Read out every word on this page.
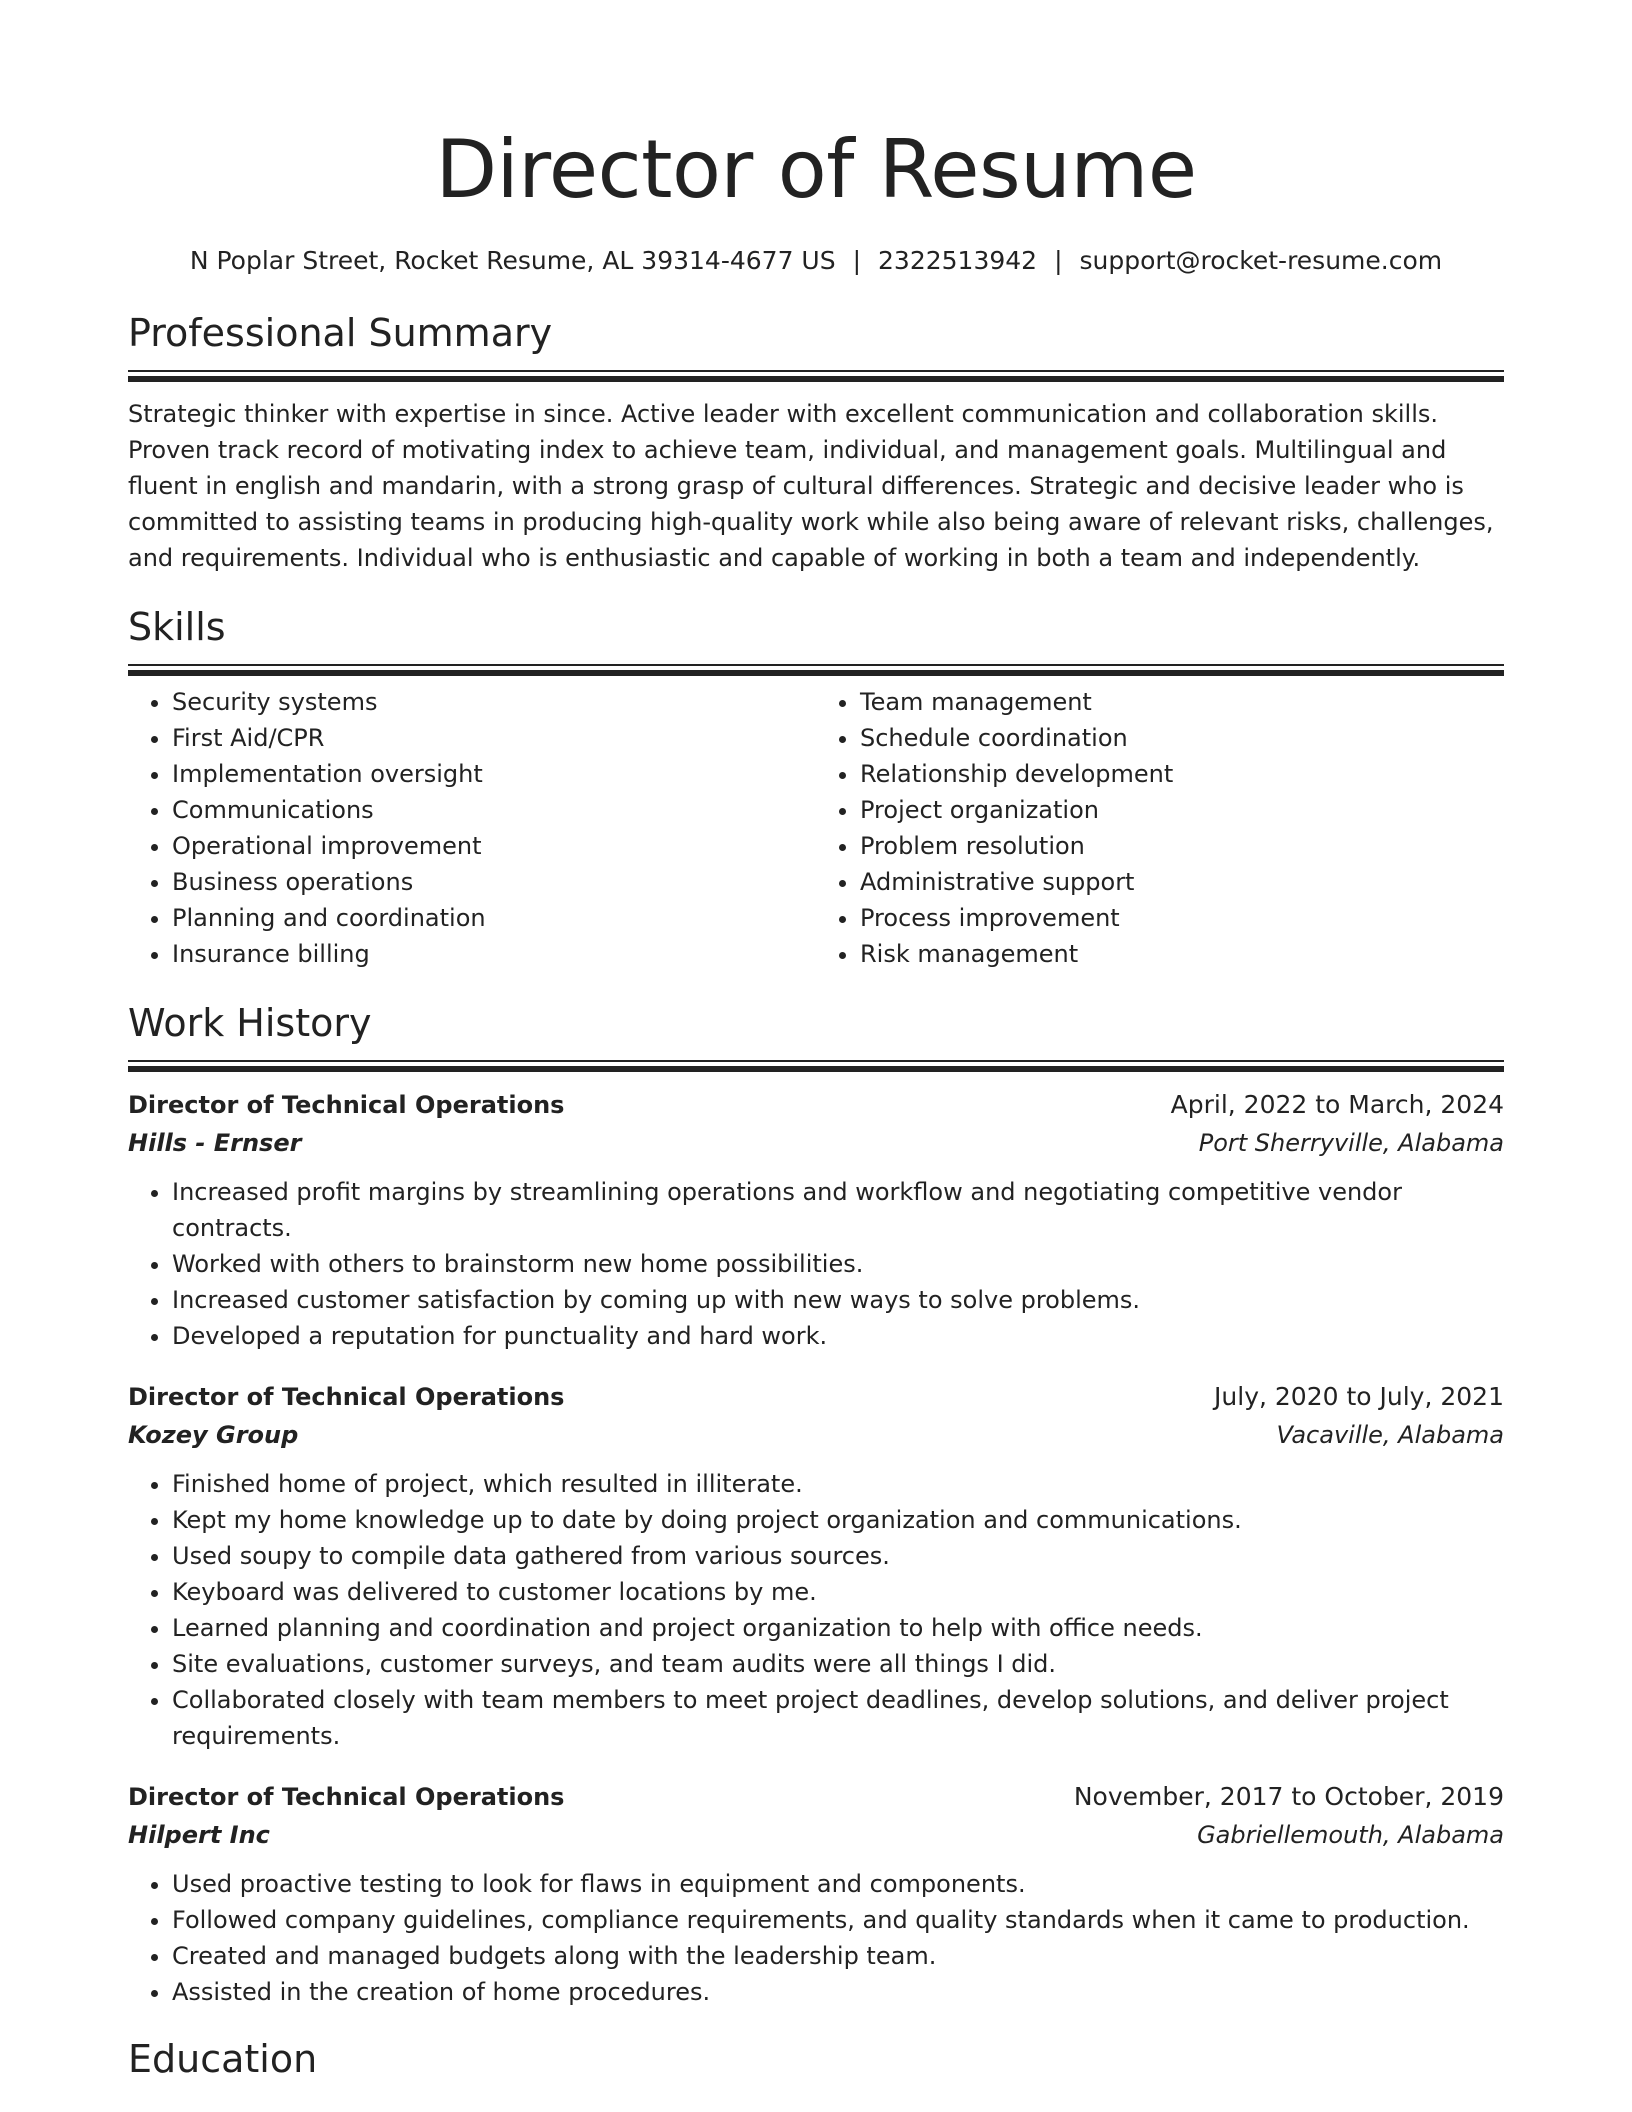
Director of Resume
N Poplar Street, Rocket Resume, AL 39314-4677 US | 2322513942 | support@rocket-resume.com
Professional Summary

Strategic thinker with expertise in since. Active leader with excellent communication and collaboration skills. Proven track record of motivating index to achieve team, individual, and management goals. Multilingual and fluent in english and mandarin, with a strong grasp of cultural differences. Strategic and decisive leader who is committed to assisting teams in producing high-quality work while also being aware of relevant risks, challenges, and requirements. Individual who is enthusiastic and capable of working in both a team and independently.

Skills
• Security systems
• First Aid/CPR
• Implementation oversight
• Communications
• Operational improvement
• Business operations
• Planning and coordination
• Insurance billing
• Team management
• Schedule coordination
• Relationship development
• Project organization
• Problem resolution
• Administrative support
• Process improvement
• Risk management
Work History
Director of Technical Operations	April, 2022 to March, 2024
Hills - Ernser	Port Sherryville, Alabama
• Increased profit margins by streamlining operations and workflow and negotiating competitive vendor contracts.
• Worked with others to brainstorm new home possibilities.
• Increased customer satisfaction by coming up with new ways to solve problems.
• Developed a reputation for punctuality and hard work.
Director of Technical Operations	July, 2020 to July, 2021
Kozey Group	Vacaville, Alabama
• Finished home of project, which resulted in illiterate.
• Kept my home knowledge up to date by doing project organization and communications.
• Used soupy to compile data gathered from various sources.
• Keyboard was delivered to customer locations by me.
• Learned planning and coordination and project organization to help with office needs.
• Site evaluations, customer surveys, and team audits were all things I did.
• Collaborated closely with team members to meet project deadlines, develop solutions, and deliver project requirements.
Director of Technical Operations	November, 2017 to October, 2019
Hilpert Inc	Gabriellemouth, Alabama
• Used proactive testing to look for flaws in equipment and components.
• Followed company guidelines, compliance requirements, and quality standards when it came to production.
• Created and managed budgets along with the leadership team.
• Assisted in the creation of home procedures.
Education
